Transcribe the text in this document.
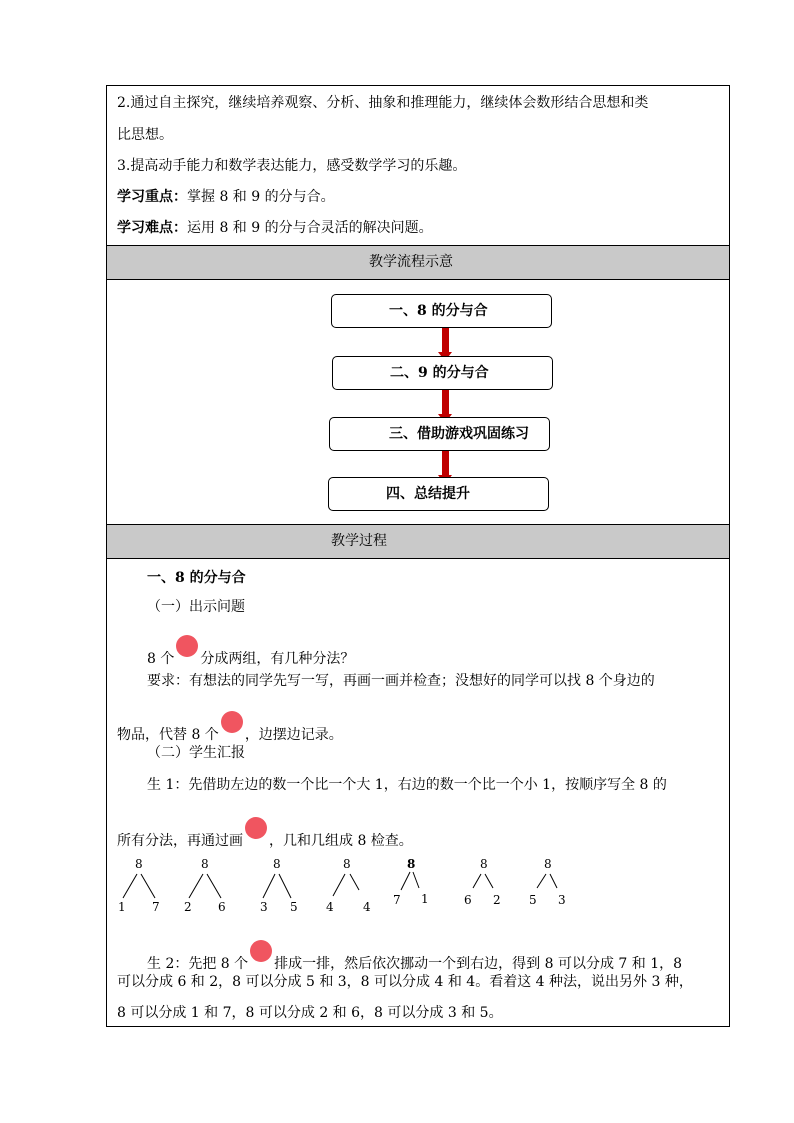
2.通过自主探究，继续培养观察、分析、抽象和推理能力，继续体会数形结合思想和类
比思想。
3.提高动手能力和数学表达能力，感受数学学习的乐趣。
学习重点：掌握 8 和 9 的分与合。
学习难点：运用 8 和 9 的分与合灵活的解决问题。
教学流程示意
一、8 的分与合
二、9 的分与合
三、借助游戏巩固练习
四、总结提升
教学过程
一、8 的分与合
（一）出示问题
8 个 分成两组，有几种分法？
要求：有想法的同学先写一写，再画一画并检查；没想好的同学可以找 8 个身边的
物品，代替 8 个 ，边摆边记录。
（二）学生汇报
生 1：先借助左边的数一个比一个大 1，右边的数一个比一个小 1，按顺序写全 8 的
所有分法，再通过画 ，几和几组成 8 检查。
8
1 7
8
2 6
8
3 5
8
4 4
8
7 1
8
6 2
8
5 3
生 2：先把 8 个 排成一排，然后依次挪动一个到右边，得到 8 可以分成 7 和 1，8
可以分成 6 和 2，8 可以分成 5 和 3，8 可以分成 4 和 4。看着这 4 种法，说出另外 3 种，
8 可以分成 1 和 7，8 可以分成 2 和 6，8 可以分成 3 和 5。
